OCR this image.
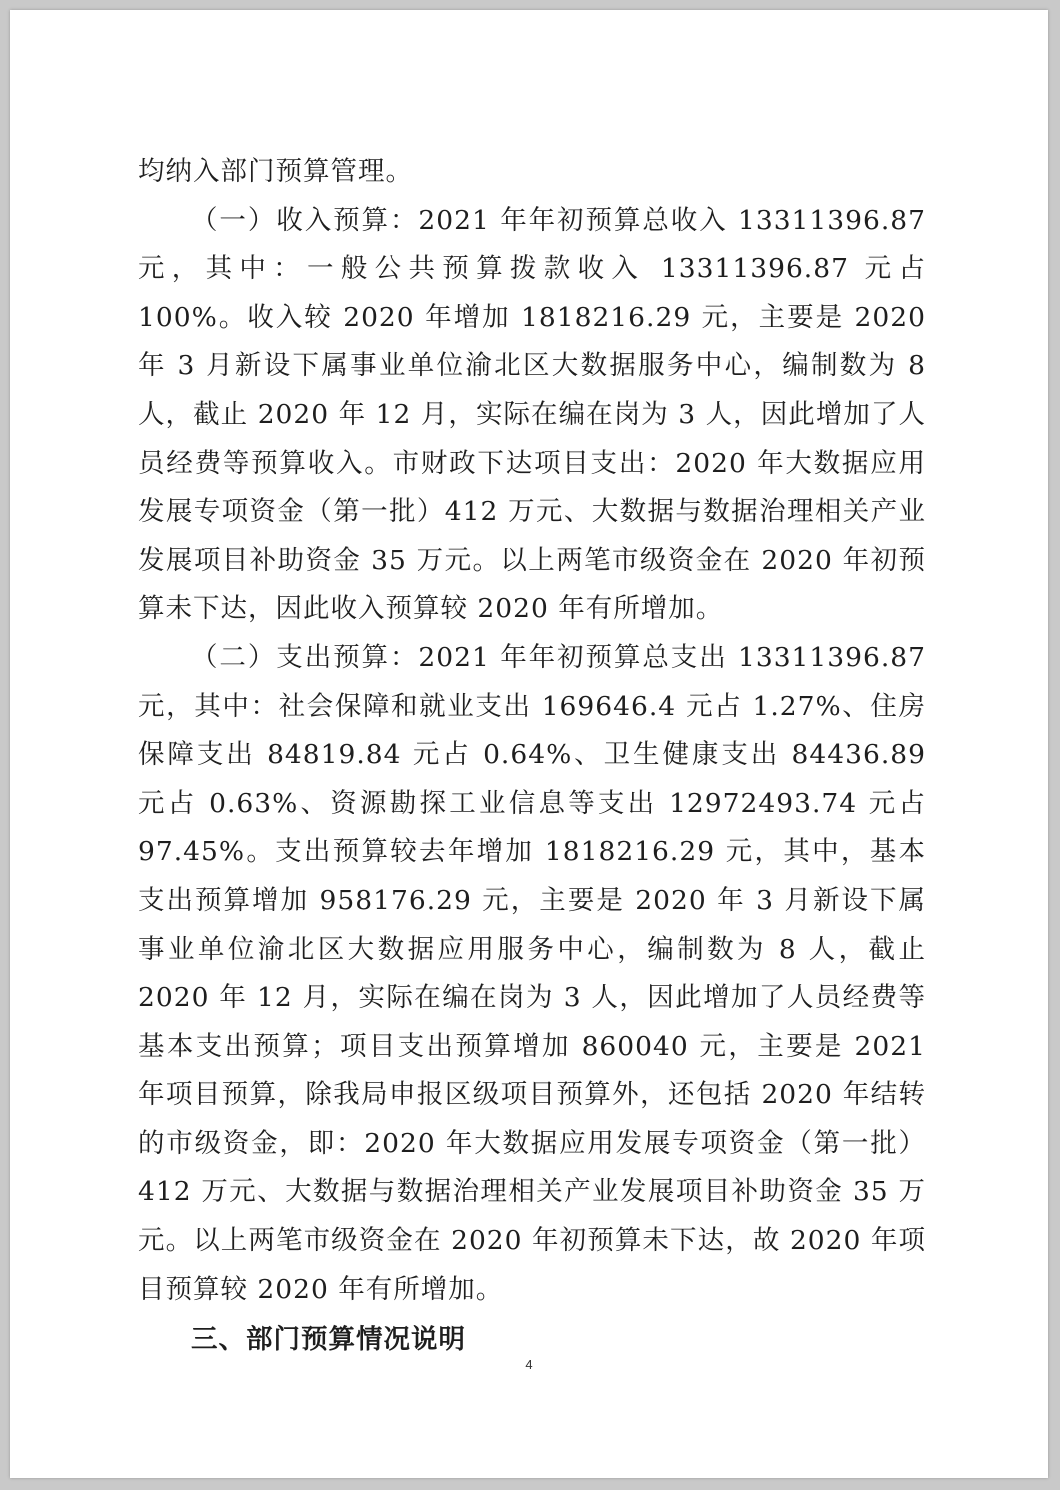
均纳入部门预算管理。

（一）收入预算：2021 年年初预算总收入 13311396.87 元，其中：一般公共预算拨款收入 13311396.87 元占 100%。收入较 2020 年增加 1818216.29 元，主要是 2020 年 3 月新设下属事业单位渝北区大数据服务中心，编制数为 8 人，截止 2020 年 12 月，实际在编在岗为 3 人，因此增加了人员经费等预算收入。市财政下达项目支出：2020 年大数据应用发展专项资金（第一批）412 万元、大数据与数据治理相关产业发展项目补助资金 35 万元。以上两笔市级资金在 2020 年初预算未下达，因此收入预算较 2020 年有所增加。

（二）支出预算：2021 年年初预算总支出 13311396.87 元，其中：社会保障和就业支出 169646.4 元占 1.27%、住房保障支出 84819.84 元占 0.64%、卫生健康支出 84436.89 元占 0.63%、资源勘探工业信息等支出 12972493.74 元占 97.45%。支出预算较去年增加 1818216.29 元，其中，基本支出预算增加 958176.29 元，主要是 2020 年 3 月新设下属事业单位渝北区大数据应用服务中心，编制数为 8 人，截止 2020 年 12 月，实际在编在岗为 3 人，因此增加了人员经费等基本支出预算；项目支出预算增加 860040 元，主要是 2021 年项目预算，除我局申报区级项目预算外，还包括 2020 年结转的市级资金，即：2020 年大数据应用发展专项资金（第一批）412 万元、大数据与数据治理相关产业发展项目补助资金 35 万元。以上两笔市级资金在 2020 年初预算未下达，故 2020 年项目预算较 2020 年有所增加。

三、部门预算情况说明

4
